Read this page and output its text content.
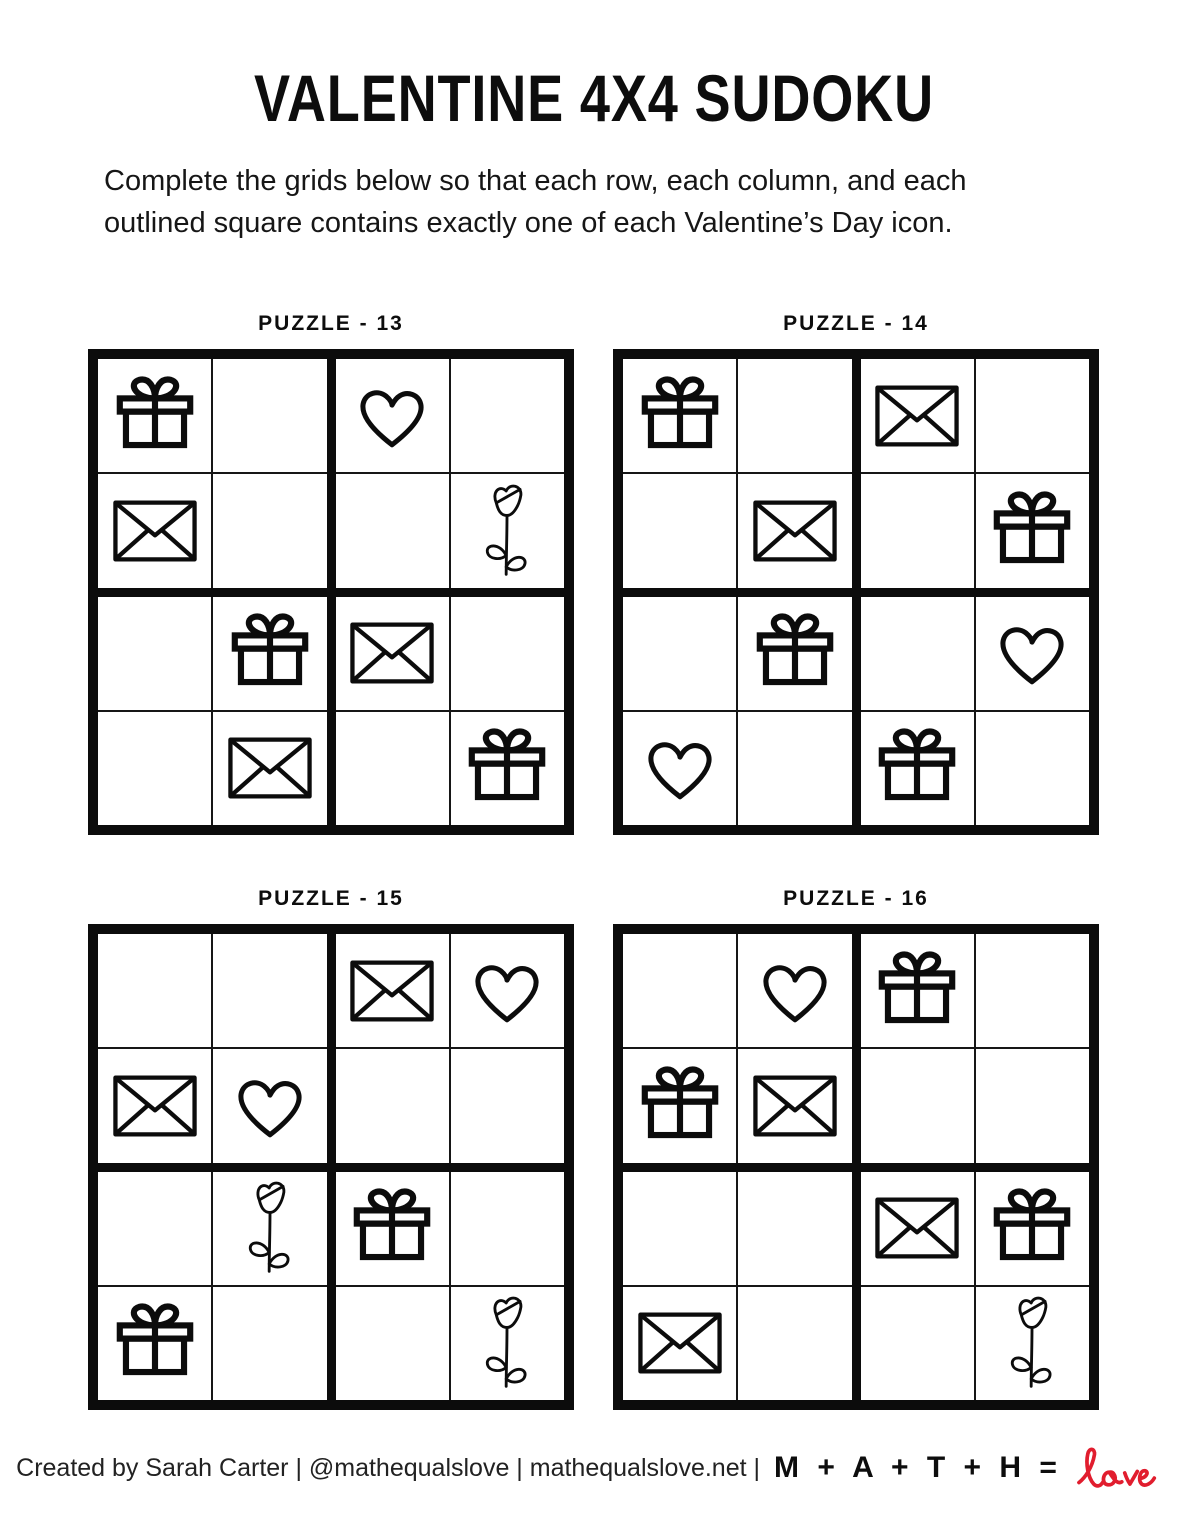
VALENTINE 4X4 SUDOKU
Complete the grids below so that each row, each column, and each outlined square contains exactly one of each Valentine’s Day icon.
PUZZLE - 13	PUZZLE - 14
PUZZLE - 15	PUZZLE - 16
Created by Sarah Carter | @mathequalslove | mathequalslove.net | M + A + T + H =
